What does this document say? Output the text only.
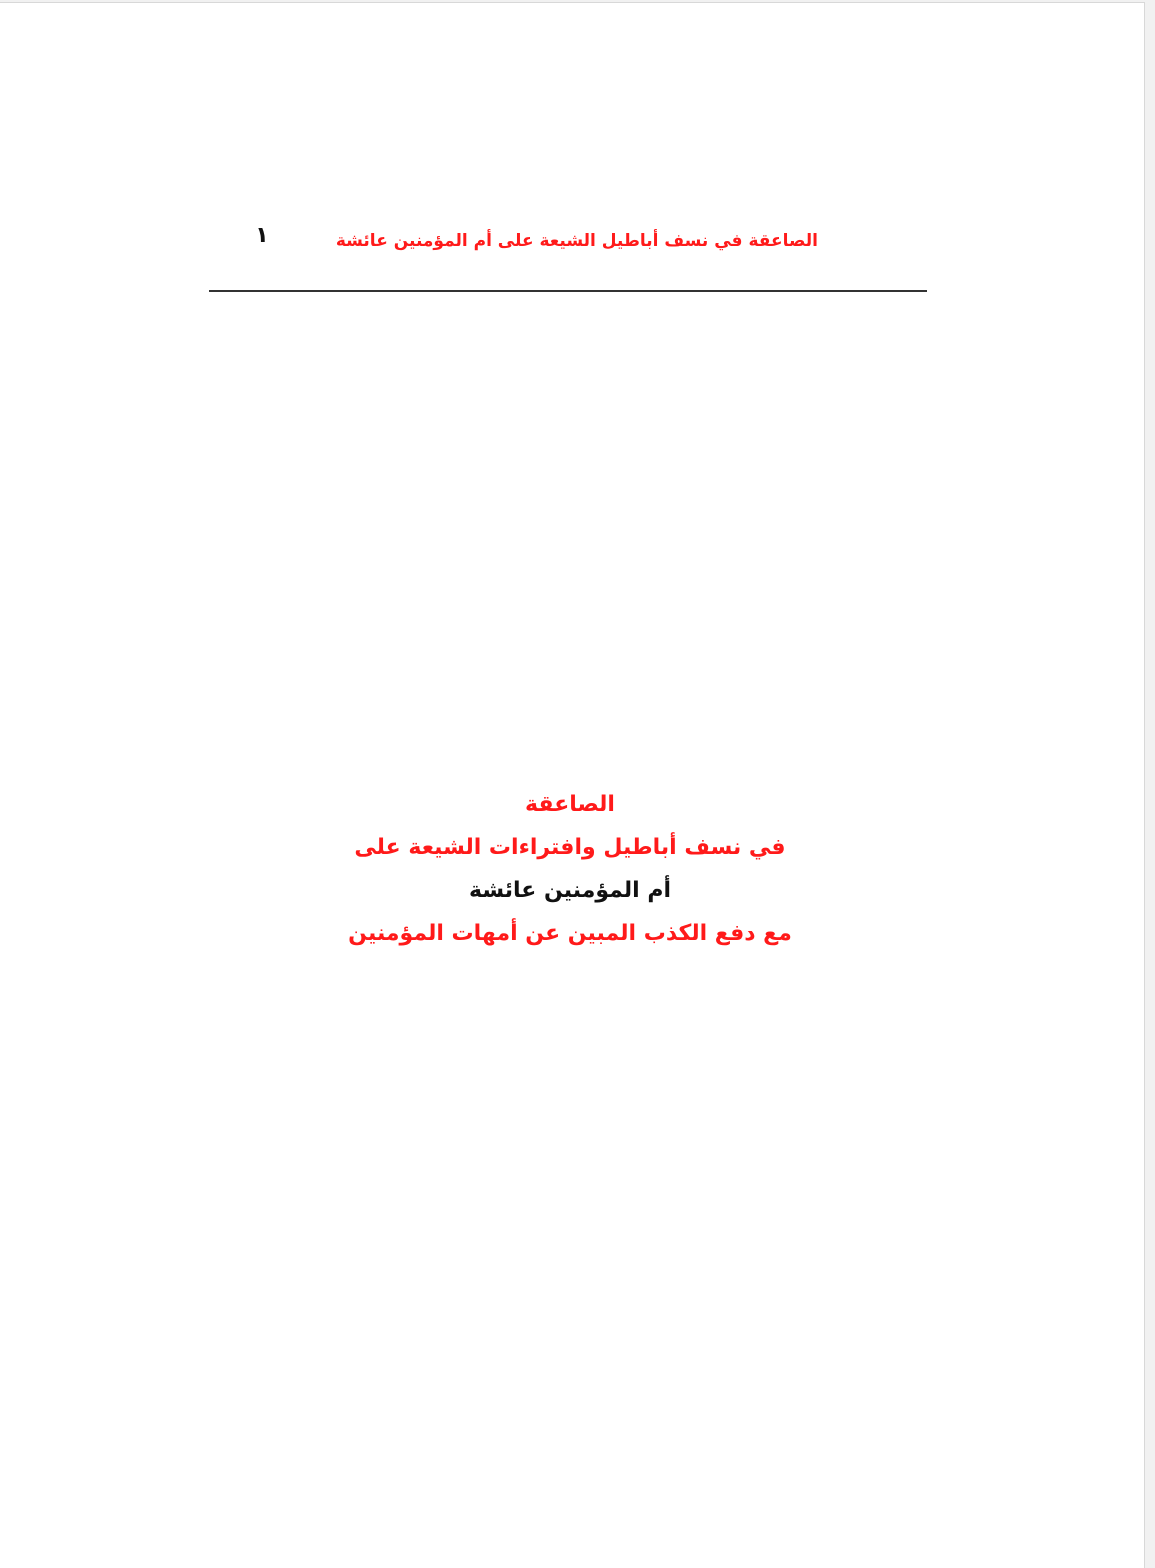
الصاعقة في نسف أباطيل الشيعة على أم المؤمنين عائشة
١
الصاعقة
في نسف أباطيل وافتراءات الشيعة على
أم المؤمنين عائشة
مع دفع الكذب المبين عن أمهات المؤمنين
